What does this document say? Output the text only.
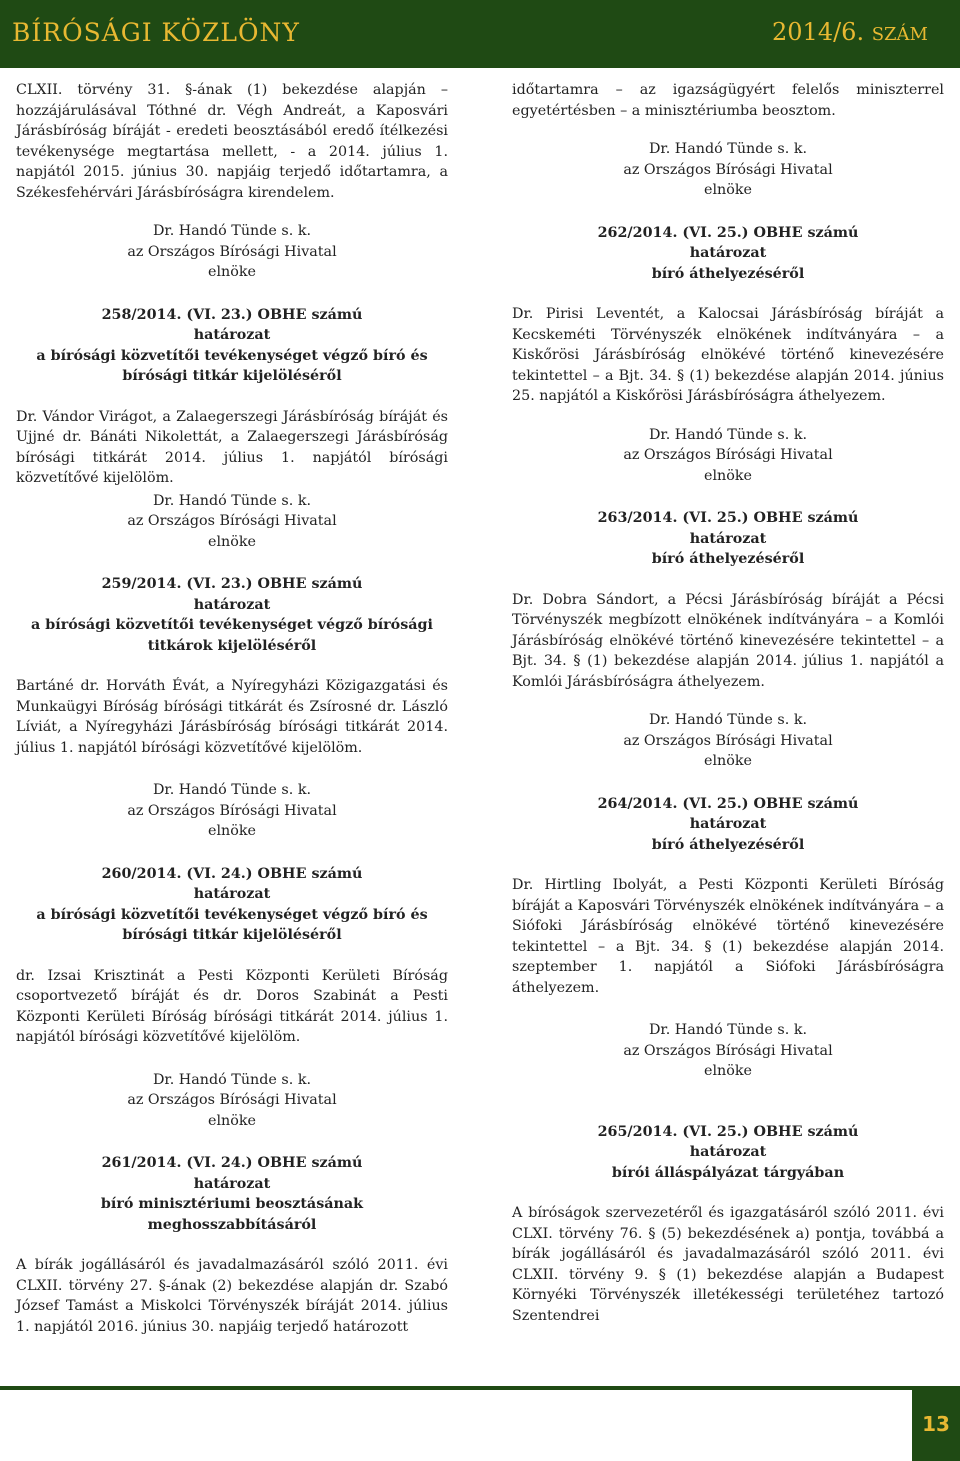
BÍRÓSÁGI KÖZLÖNY	2014/6. SZÁM

CLXII. törvény 31. §-ának (1) bekezdése alapján – hozzájárulásával Tóthné dr. Végh Andreát, a Kaposvári Járásbíróság bíráját - eredeti beosztásából eredő ítélkezési tevékenysége megtartása mellett, - a 2014. július 1. napjától 2015. június 30. napjáig terjedő időtartamra, a Székesfehérvári Járásbíróságra kirendelem.

Dr. Handó Tünde s. k.

az Országos Bírósági Hivatal

elnöke

258/2014. (VI. 23.) OBHE számú

határozat

a bírósági közvetítői tevékenységet végző bíró és bírósági titkár kijelöléséről

Dr. Vándor Virágot, a Zalaegerszegi Járásbíróság bíráját és Ujjné dr. Bánáti Nikolettát, a Zalaegerszegi Járásbíróság bírósági titkárát 2014. július 1. napjától bírósági közvetítővé kijelölöm.

Dr. Handó Tünde s. k.

az Országos Bírósági Hivatal

elnöke

259/2014. (VI. 23.) OBHE számú

határozat

a bírósági közvetítői tevékenységet végző bírósági titkárok kijelöléséről

Bartáné dr. Horváth Évát, a Nyíregyházi Közigazgatási és Munkaügyi Bíróság bírósági titkárát és Zsírosné dr. László Líviát, a Nyíregyházi Járásbíróság bírósági titkárát 2014. július 1. napjától bírósági közvetítővé kijelölöm.

Dr. Handó Tünde s. k.

az Országos Bírósági Hivatal

elnöke

260/2014. (VI. 24.) OBHE számú

határozat

a bírósági közvetítői tevékenységet végző bíró és bírósági titkár kijelöléséről

dr. Izsai Krisztinát a Pesti Központi Kerületi Bíróság csoportvezető bíráját és dr. Doros Szabinát a Pesti Központi Kerületi Bíróság bírósági titkárát 2014. július 1. napjától bírósági közvetítővé kijelölöm.

Dr. Handó Tünde s. k.

az Országos Bírósági Hivatal

elnöke

261/2014. (VI. 24.) OBHE számú

határozat

bíró minisztériumi beosztásának meghosszabbításáról

A bírák jogállásáról és javadalmazásáról szóló 2011. évi CLXII. törvény 27. §-ának (2) bekezdése alapján dr. Szabó József Tamást a Miskolci Törvényszék bíráját 2014. július 1. napjától 2016. június 30. napjáig terjedő határozott

időtartamra – az igazságügyért felelős miniszterrel egyetértésben – a minisztériumba beosztom.

Dr. Handó Tünde s. k.

az Országos Bírósági Hivatal

elnöke

262/2014. (VI. 25.) OBHE számú

határozat

bíró áthelyezéséről

Dr. Pirisi Leventét, a Kalocsai Járásbíróság bíráját a Kecskeméti Törvényszék elnökének indítványára – a Kiskőrösi Járásbíróság elnökévé történő kinevezésére tekintettel – a Bjt. 34. § (1) bekezdése alapján 2014. június 25. napjától a Kiskőrösi Járásbíróságra áthelyezem.

Dr. Handó Tünde s. k.

az Országos Bírósági Hivatal

elnöke

263/2014. (VI. 25.) OBHE számú

határozat

bíró áthelyezéséről

Dr. Dobra Sándort, a Pécsi Járásbíróság bíráját a Pécsi Törvényszék megbízott elnökének indítványára – a Komlói Járásbíróság elnökévé történő kinevezésére tekintettel – a Bjt. 34. § (1) bekezdése alapján 2014. július 1. napjától a Komlói Járásbíróságra áthelyezem.

Dr. Handó Tünde s. k.

az Országos Bírósági Hivatal

elnöke

264/2014. (VI. 25.) OBHE számú

határozat

bíró áthelyezéséről

Dr. Hirtling Ibolyát, a Pesti Központi Kerületi Bíróság bíráját a Kaposvári Törvényszék elnökének indítványára – a Siófoki Járásbíróság elnökévé történő kinevezésére tekintettel – a Bjt. 34. § (1) bekezdése alapján 2014. szeptember 1. napjától a Siófoki Járásbíróságra áthelyezem.

Dr. Handó Tünde s. k.

az Országos Bírósági Hivatal

elnöke

265/2014. (VI. 25.) OBHE számú

határozat

bírói álláspályázat tárgyában

A bíróságok szervezetéről és igazgatásáról szóló 2011. évi CLXI. törvény 76. § (5) bekezdésének a) pontja, továbbá a bírák jogállásáról és javadalmazásáról szóló 2011. évi CLXII. törvény 9. § (1) bekezdése alapján a Budapest Környéki Törvényszék illetékességi területéhez tartozó Szentendrei

13
